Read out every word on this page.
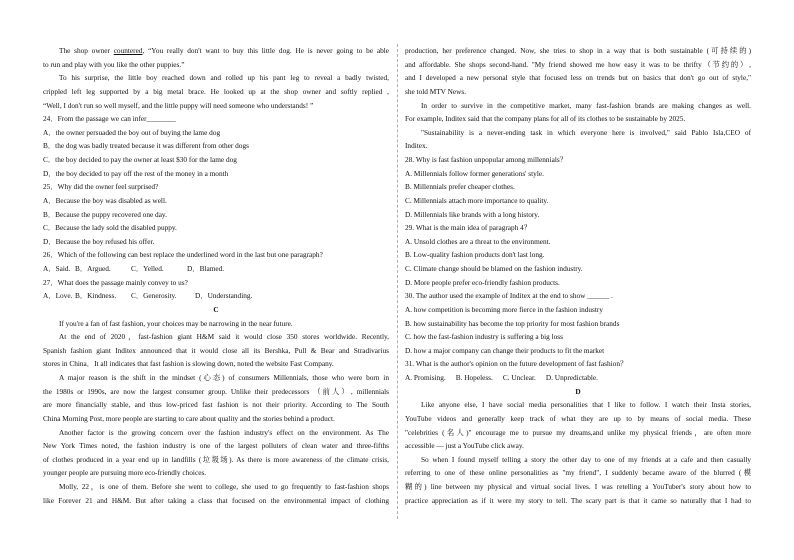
The shop owner countered, “You really don't want to buy this little dog. He is never going to be able
to run and play with you like the other puppies.”
To his surprise, the little boy reached down and rolled up his pant leg to reveal a badly twisted,
crippled left leg supported by a big metal brace. He looked up at the shop owner and softly replied ,
“Well, I don't run so well myself, and the little puppy will need someone who understands! ”
24．From the passage we can infer________
A．the owner persuaded the boy out of buying the lame dog
B．the dog was badly treated because it was different from other dogs
C．the boy decided to pay the owner at least $30 for the lame dog
D．the boy decided to pay off the rest of the money in a month
25．Why did the owner feel surprised?
A．Because the boy was disabled as well.
B．Because the puppy recovered one day.
C．Because the lady sold the disabled puppy.
D．Because the boy refused his offer.
26．Which of the following can best replace the underlined word in the last but one paragraph?
A．Said. B．Argued.	C．Yelled.	D．Blamed.
27．What does the passage mainly convey to us?
A．Love. B．Kindness. C．Generosity.	D．Understanding.
C
If you're a fan of fast fashion, your choices may be narrowing in the near future.
At the end of 2020，fast-fashion giant H&M said it would close 350 stores worldwide. Recently,
Spanish fashion giant Inditex announced that it would close all its Bershka, Pull & Bear and Stradivarius
stores in China．It all indicates that fast fashion is slowing down, noted the website Fast Company.
A major reason is the shift in the mindset (心态) of consumers Millennials, those who were born in
the 1980s or 1990s, are now the largest consumer group. Unlike their predecessors （前人）, millennials
are more financially stable, and thus low-priced fast fashion is not their priority. According to The South
China Morning Post, more people are starting to care about quality and the stories behind a product.
Another factor is the growing concern over the fashion industry's effect on the environment. As The
New York Times noted, the fashion industry is one of the largest polluters of clean water and three-fifths
of clothes produced in a year end up in landfills (垃圾场). As there is more awareness of the climate crisis,
younger people are pursuing more eco-friendly choices.
Molly, 22，is one of them. Before she went to college, she used to go frequently to fast-fashion shops
like Forever 21 and H&M. But after taking a class that focused on the environmental impact of clothing
production, her preference changed. Now, she tries to shop in a way that is both sustainable (可持续的)
and affordable. She shops second-hand. "My friend showed me how easy it was to be thrifty（节约的）,
and I developed a new personal style that focused less on trends but on basics that don't go out of style,"
she told MTV News.
In order to survive in the competitive market, many fast-fashion brands are making changes as well.
For example, Inditex said that the company plans for all of its clothes to be sustainable by 2025.
"Sustainability is a never-ending task in which everyone here is involved," said Pablo Isla,CEO of
Inditex.
28. Why is fast fashion unpopular among millennials？
A. Millennials follow former generations' style.
B. Millennials prefer cheaper clothes.
C. Millennials attach more importance to quality.
D. Millennials like brands with a long history.
29. What is the main idea of paragraph 4？
A. Unsold clothes are a threat to the environment.
B. Low-quality fashion products don't last long.
C. Climate change should be blamed on the fashion industry.
D. More people prefer eco-friendly fashion products.
30. The author used the example of Inditex at the end to show ______ .
A. how competition is becoming more fierce in the fashion industry
B. how sustainability has become the top priority for most fashion brands
C. how the fast-fashion industry is suffering a big loss
D. how a major company can change their products to fit the market
31. What is the author's opinion on the future development of fast fashion？
A. Promising. B. Hopeless. C. Unclear. D. Unpredictable.
D
Like anyone else, I have social media personalities that I like to follow. I watch their Insta stories,
YouTube videos and generally keep track of what they are up to by means of social media. These
"celebrities (名人)" encourage me to pursue my dreams,and unlike my physical friends，are often more
accessible — just a YouTube click away.
So when I found myself telling a story the other day to one of my friends at a cafe and then casually
referring to one of these online personalities as "my friend", I suddenly became aware of the blurred (模
糊的) line between my physical and virtual social lives. I was retelling a YouTuber's story about how to
practice appreciation as if it were my story to tell. The scary part is that it came so naturally that I had to
